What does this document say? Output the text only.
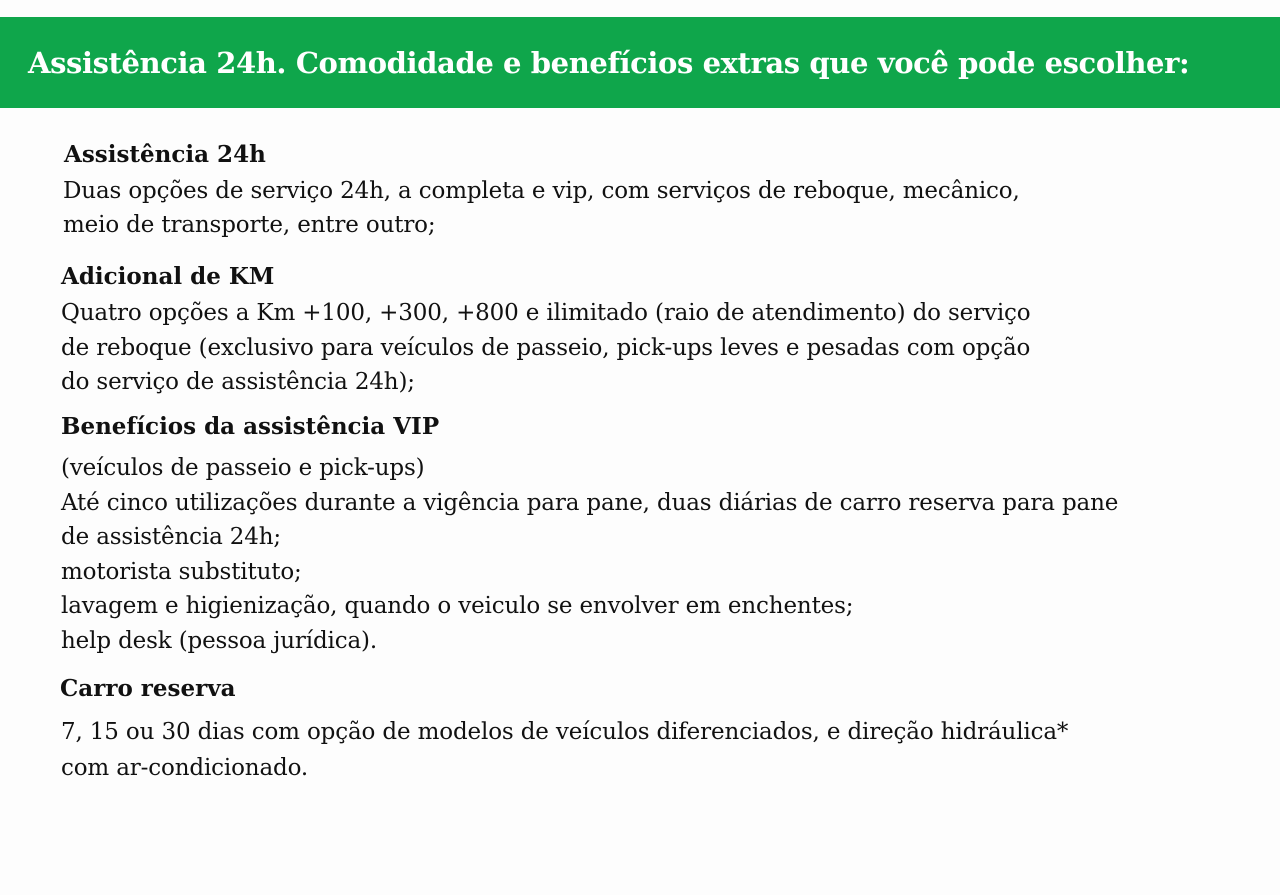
Assistência 24h. Comodidade e benefícios extras que você pode escolher:
Assistência 24h

Duas opções de serviço 24h, a completa e vip, com serviços de reboque, mecânico,

meio de transporte, entre outro;

Adicional de KM

Quatro opções a Km +100, +300, +800 e ilimitado (raio de atendimento) do serviço

de reboque (exclusivo para veículos de passeio, pick-ups leves e pesadas com opção

do serviço de assistência 24h);

Benefícios da assistência VIP

(veículos de passeio e pick-ups)

Até cinco utilizações durante a vigência para pane, duas diárias de carro reserva para pane

de assistência 24h;

motorista substituto;

lavagem e higienização, quando o veiculo se envolver em enchentes;

help desk (pessoa jurídica).

Carro reserva

7, 15 ou 30 dias com opção de modelos de veículos diferenciados, e direção hidráulica*

com ar-condicionado.
